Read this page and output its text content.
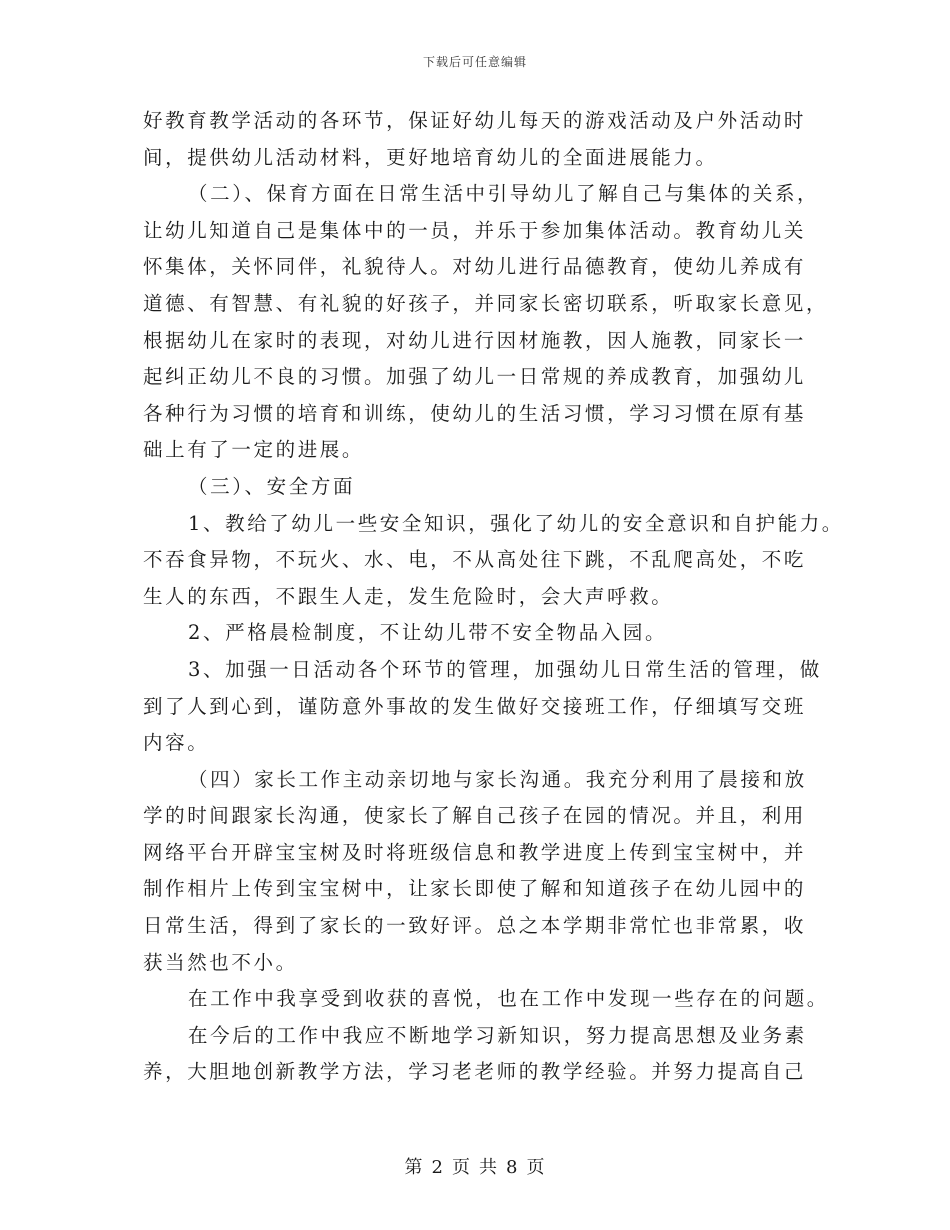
下载后可任意编辑
好教育教学活动的各环节，保证好幼儿每天的游戏活动及户外活动时
间，提供幼儿活动材料，更好地培育幼儿的全面进展能力。
（二）、保育方面在日常生活中引导幼儿了解自己与集体的关系，
让幼儿知道自己是集体中的一员，并乐于参加集体活动。教育幼儿关
怀集体，关怀同伴，礼貌待人。对幼儿进行品德教育，使幼儿养成有
道德、有智慧、有礼貌的好孩子，并同家长密切联系，听取家长意见，
根据幼儿在家时的表现，对幼儿进行因材施教，因人施教，同家长一
起纠正幼儿不良的习惯。加强了幼儿一日常规的养成教育，加强幼儿
各种行为习惯的培育和训练，使幼儿的生活习惯，学习习惯在原有基
础上有了一定的进展。
（三）、安全方面
1、教给了幼儿一些安全知识，强化了幼儿的安全意识和自护能力。
不吞食异物，不玩火、水、电，不从高处往下跳，不乱爬高处，不吃
生人的东西，不跟生人走，发生危险时，会大声呼救。
2、严格晨检制度，不让幼儿带不安全物品入园。
3、加强一日活动各个环节的管理，加强幼儿日常生活的管理，做
到了人到心到，谨防意外事故的发生做好交接班工作，仔细填写交班
内容。
（四）家长工作主动亲切地与家长沟通。我充分利用了晨接和放
学的时间跟家长沟通，使家长了解自己孩子在园的情况。并且，利用
网络平台开辟宝宝树及时将班级信息和教学进度上传到宝宝树中，并
制作相片上传到宝宝树中，让家长即使了解和知道孩子在幼儿园中的
日常生活，得到了家长的一致好评。总之本学期非常忙也非常累，收
获当然也不小。
在工作中我享受到收获的喜悦，也在工作中发现一些存在的问题。
在今后的工作中我应不断地学习新知识，努力提高思想及业务素
养，大胆地创新教学方法，学习老老师的教学经验。并努力提高自己
第 2 页 共 8 页
